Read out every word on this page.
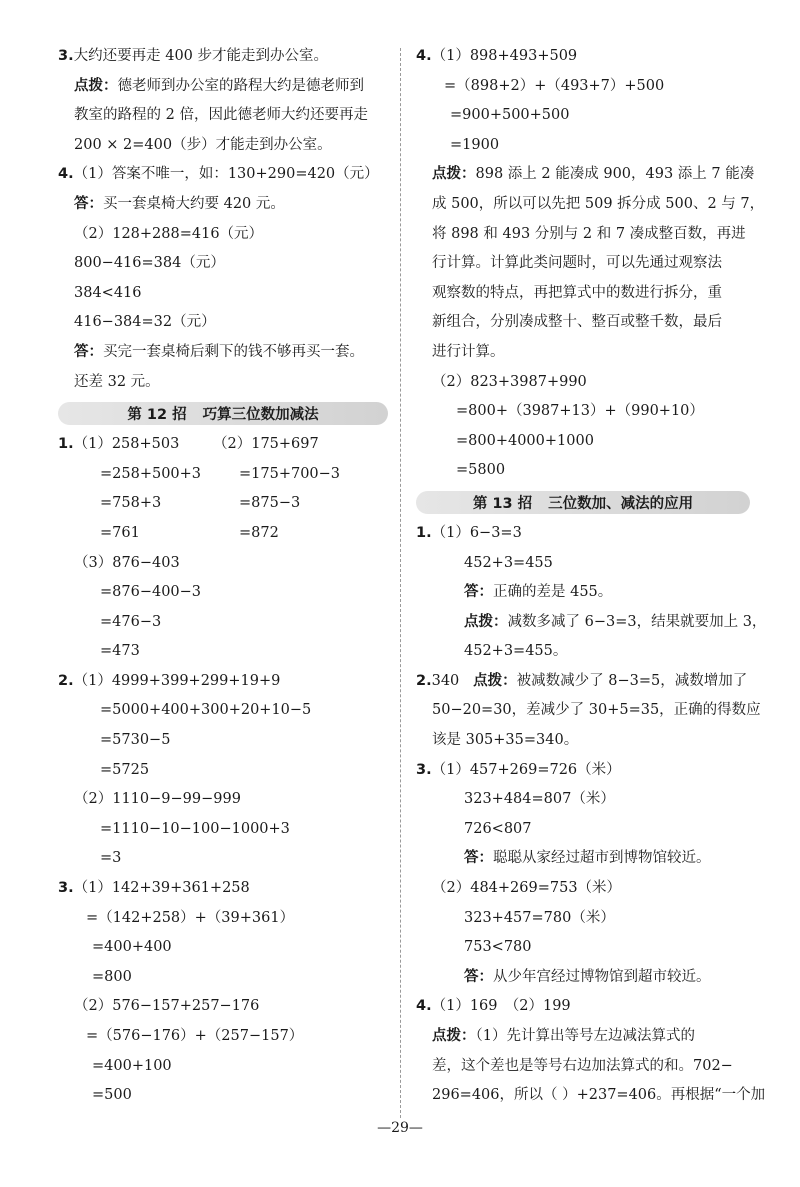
3.大约还要再走 400 步才能走到办公室。
点拨：德老师到办公室的路程大约是德老师到
教室的路程的 2 倍，因此德老师大约还要再走
200 × 2=400（步）才能走到办公室。
4.（1）答案不唯一，如：130+290=420（元）
答：买一套桌椅大约要 420 元。
（2）128+288=416（元）
800−416=384（元）
384<416
416−384=32（元）
答：买完一套桌椅后剩下的钱不够再买一套。
还差 32 元。
第 12 招 巧算三位数加减法
1.（1）258+503 （2）175+697
=258+500+3	=175+700−3
=758+3	=875−3
=761	=872
（3）876−403
=876−400−3
=476−3
=473
2.（1）4999+399+299+19+9
=5000+400+300+20+10−5
=5730−5
=5725
（2）1110−9−99−999
=1110−10−100−1000+3
=3
3.（1）142+39+361+258
=（142+258）+（39+361）
=400+400
=800
（2）576−157+257−176
=（576−176）+（257−157）
=400+100
=500
4.（1）898+493+509
=（898+2）+（493+7）+500
=900+500+500
=1900
点拨：898 添上 2 能凑成 900，493 添上 7 能凑
成 500，所以可以先把 509 拆分成 500、2 与 7，
将 898 和 493 分别与 2 和 7 凑成整百数，再进
行计算。计算此类问题时，可以先通过观察法
观察数的特点，再把算式中的数进行拆分，重
新组合，分别凑成整十、整百或整千数，最后
进行计算。
（2）823+3987+990
=800+（3987+13）+（990+10）
=800+4000+1000
=5800
第 13 招 三位数加、减法的应用
1.（1）6−3=3
452+3=455
答：正确的差是 455。
点拨：减数多减了 6−3=3，结果就要加上 3，
452+3=455。
2.340 点拨：被减数减少了 8−3=5，减数增加了
50−20=30，差减少了 30+5=35，正确的得数应
该是 305+35=340。
3.（1）457+269=726（米）
323+484=807（米）
726<807
答：聪聪从家经过超市到博物馆较近。
（2）484+269=753（米）
323+457=780（米）
753<780
答：从少年宫经过博物馆到超市较近。
4.（1）169　（2）199
点拨：（1）先计算出等号左边减法算式的
差，这个差也是等号右边加法算式的和。702−
296=406，所以（ ）+237=406。再根据“一个加
—29—
